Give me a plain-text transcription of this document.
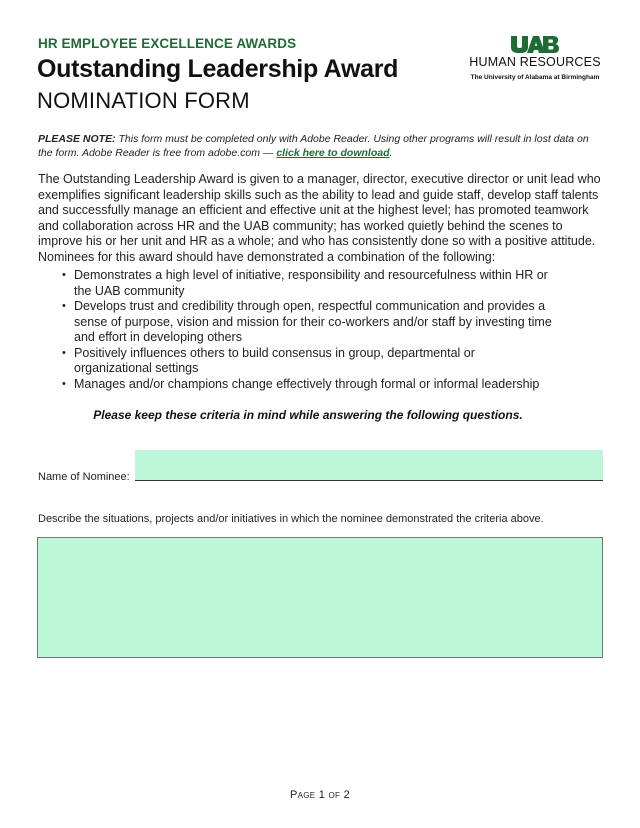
HR EMPLOYEE EXCELLENCE AWARDS
Outstanding Leadership Award
NOMINATION FORM
HUMAN RESOURCES
The University of Alabama at Birmingham
PLEASE NOTE: This form must be completed only with Adobe Reader. Using other programs will result in lost data on the form. Adobe Reader is free from adobe.com — click here to download.
The Outstanding Leadership Award is given to a manager, director, executive director or unit lead who exemplifies significant leadership skills such as the ability to lead and guide staff, develop staff talents and successfully manage an efficient and effective unit at the highest level; has promoted teamwork and collaboration across HR and the UAB community; has worked quietly behind the scenes to improve his or her unit and HR as a whole; and who has consistently done so with a positive attitude. Nominees for this award should have demonstrated a combination of the following:
• Demonstrates a high level of initiative, responsibility and resourcefulness within HR or the UAB community
• Develops trust and credibility through open, respectful communication and provides a sense of purpose, vision and mission for their co-workers and/or staff by investing time and effort in developing others
• Positively influences others to build consensus in group, departmental or organizational settings
• Manages and/or champions change effectively through formal or informal leadership
Please keep these criteria in mind while answering the following questions.
Name of Nominee:
Describe the situations, projects and/or initiatives in which the nominee demonstrated the criteria above.
Page 1 of 2
